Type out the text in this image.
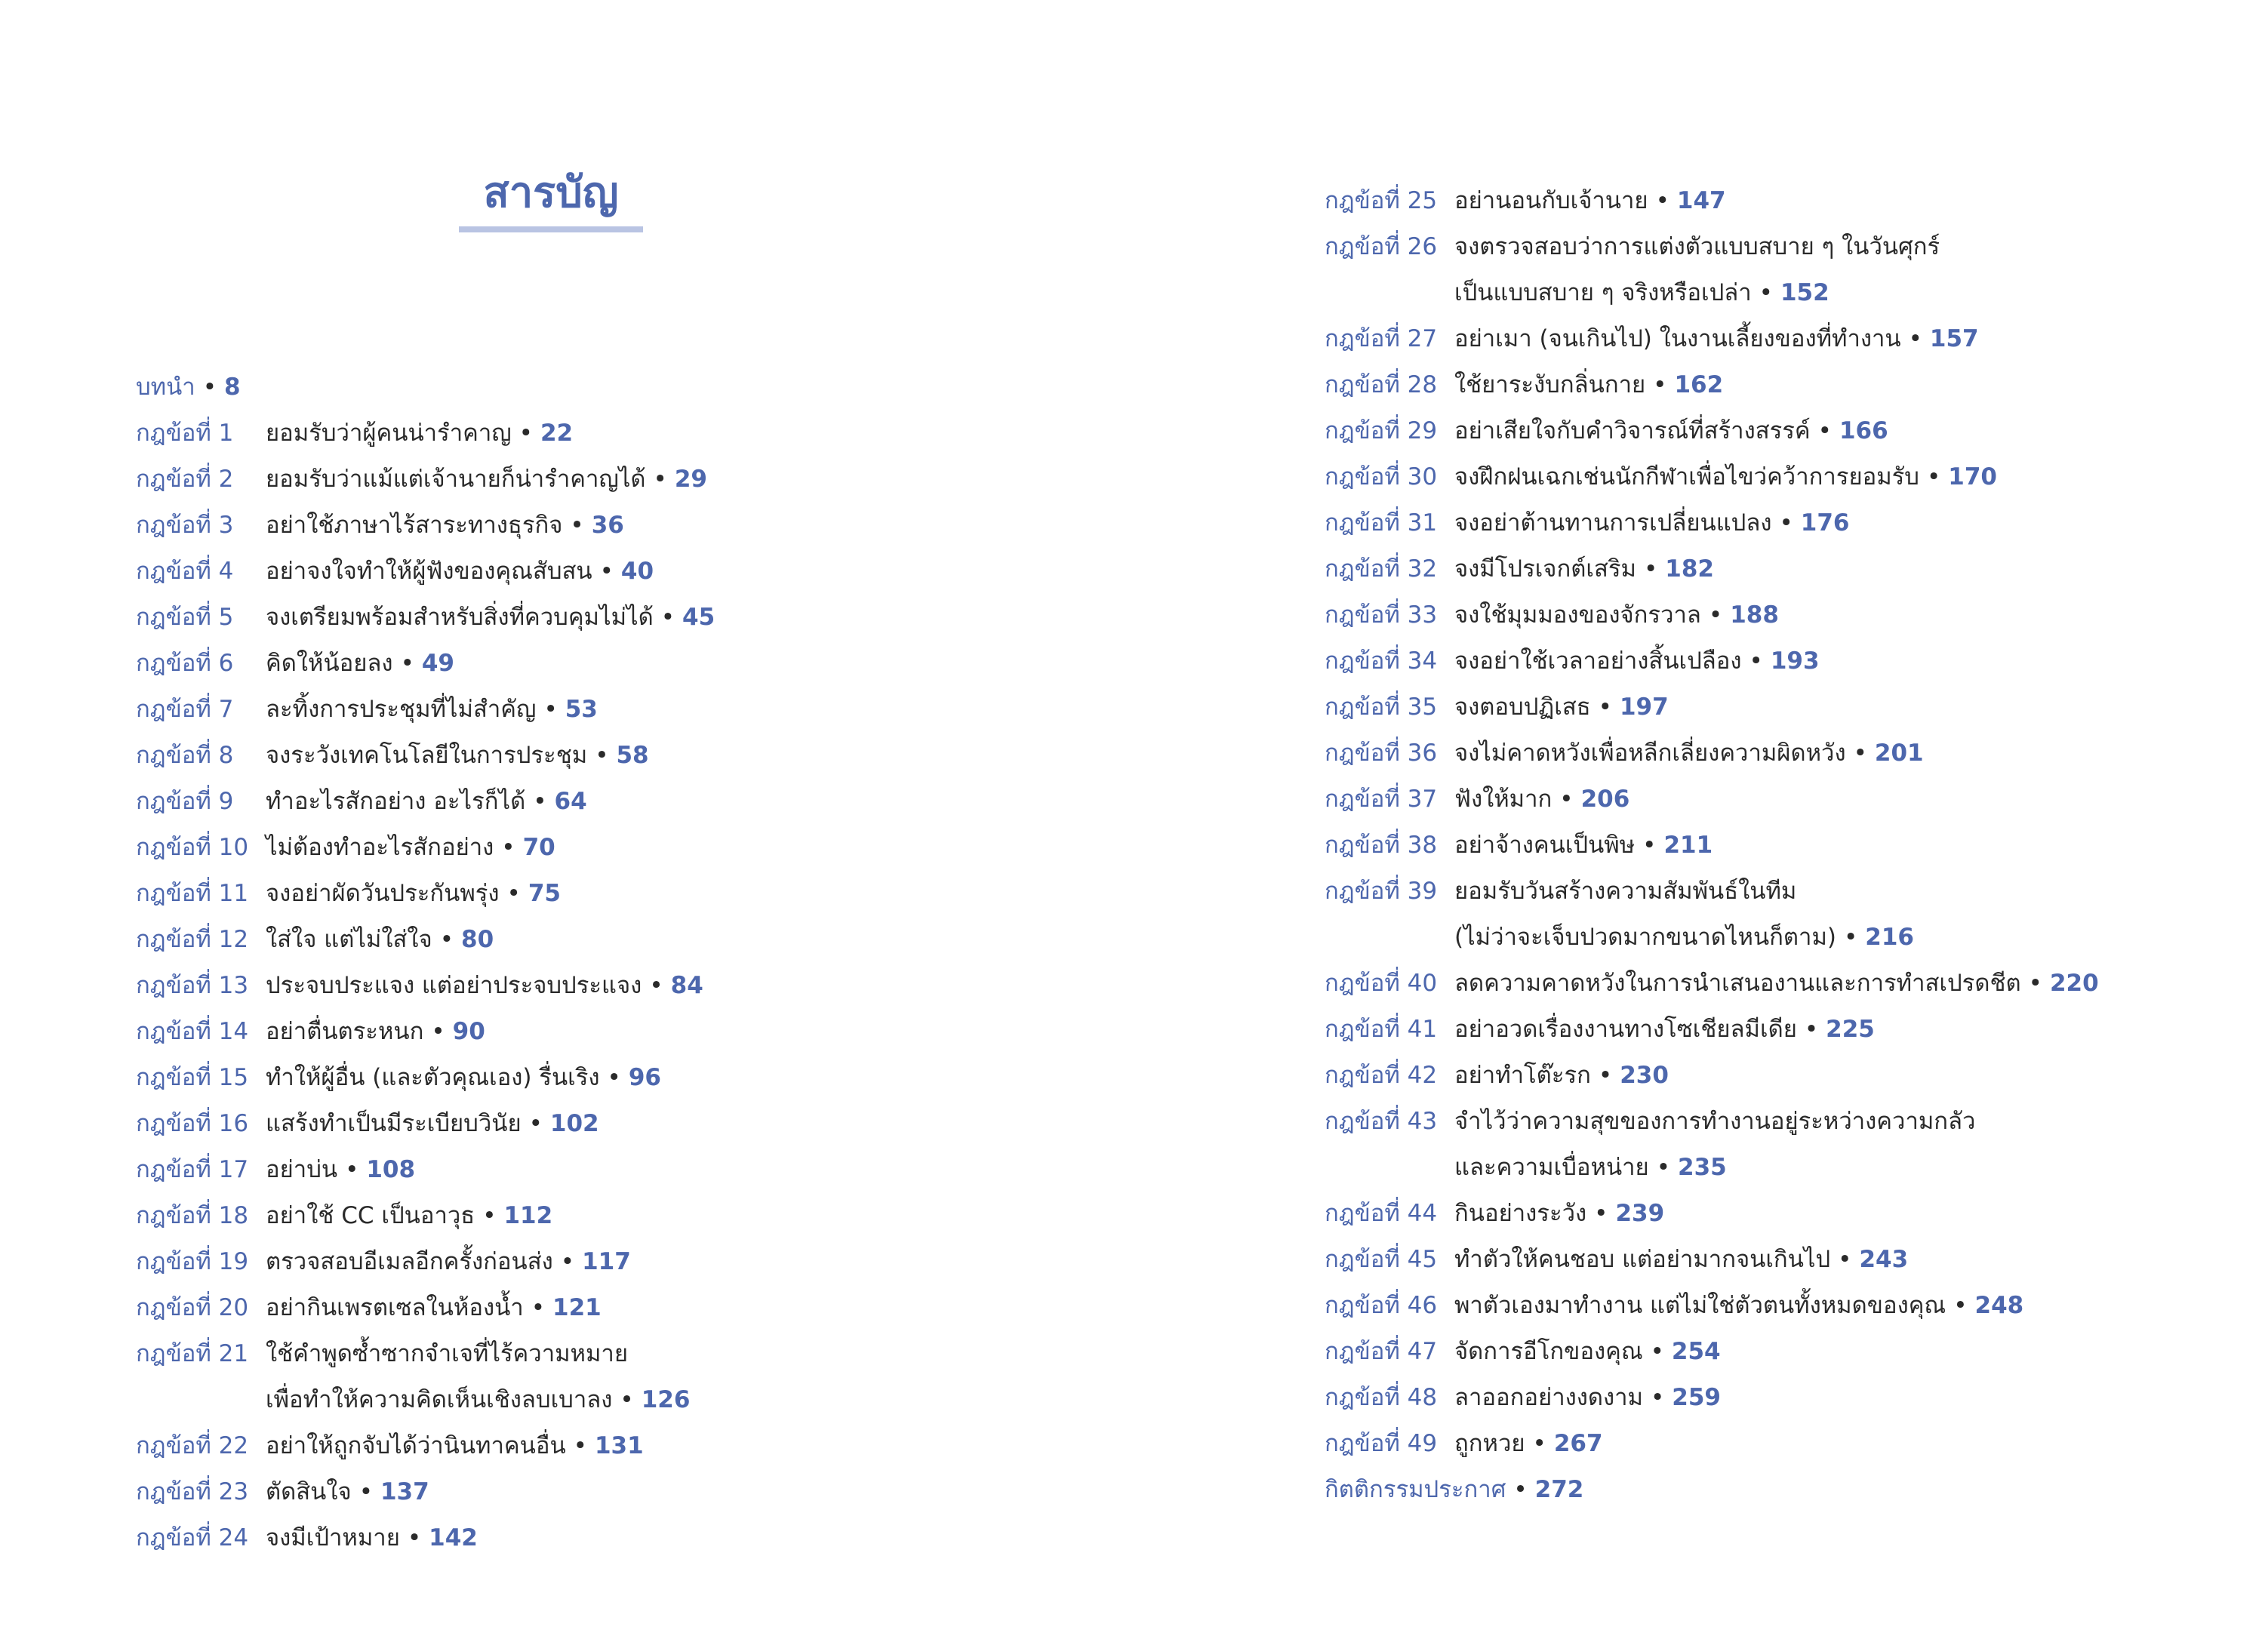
สารบัญ
บทนำ • 8
กฎข้อที่ 1	ยอมรับว่าผู้คนน่ารำคาญ • 22
กฎข้อที่ 2	ยอมรับว่าแม้แต่เจ้านายก็น่ารำคาญได้ • 29
กฎข้อที่ 3	อย่าใช้ภาษาไร้สาระทางธุรกิจ • 36
กฎข้อที่ 4	อย่าจงใจทำให้ผู้ฟังของคุณสับสน • 40
กฎข้อที่ 5	จงเตรียมพร้อมสำหรับสิ่งที่ควบคุมไม่ได้ • 45
กฎข้อที่ 6	คิดให้น้อยลง • 49
กฎข้อที่ 7	ละทิ้งการประชุมที่ไม่สำคัญ • 53
กฎข้อที่ 8	จงระวังเทคโนโลยีในการประชุม • 58
กฎข้อที่ 9	ทำอะไรสักอย่าง อะไรก็ได้ • 64
กฎข้อที่ 10 ไม่ต้องทำอะไรสักอย่าง • 70
กฎข้อที่ 11 จงอย่าผัดวันประกันพรุ่ง • 75
กฎข้อที่ 12 ใส่ใจ แต่ไม่ใส่ใจ • 80
กฎข้อที่ 13 ประจบประแจง แต่อย่าประจบประแจง • 84
กฎข้อที่ 14 อย่าตื่นตระหนก • 90
กฎข้อที่ 15 ทำให้ผู้อื่น (และตัวคุณเอง) รื่นเริง • 96
กฎข้อที่ 16 แสร้งทำเป็นมีระเบียบวินัย • 102
กฎข้อที่ 17 อย่าบ่น • 108
กฎข้อที่ 18 อย่าใช้ CC เป็นอาวุธ • 112
กฎข้อที่ 19 ตรวจสอบอีเมลอีกครั้งก่อนส่ง • 117
กฎข้อที่ 20 อย่ากินเพรตเซลในห้องน้ำ • 121
กฎข้อที่ 21 ใช้คำพูดซ้ำซากจำเจที่ไร้ความหมาย
เพื่อทำให้ความคิดเห็นเชิงลบเบาลง • 126
กฎข้อที่ 22 อย่าให้ถูกจับได้ว่านินทาคนอื่น • 131
กฎข้อที่ 23 ตัดสินใจ • 137
กฎข้อที่ 24 จงมีเป้าหมาย • 142
กฎข้อที่ 25 อย่านอนกับเจ้านาย • 147
กฎข้อที่ 26 จงตรวจสอบว่าการแต่งตัวแบบสบาย ๆ ในวันศุกร์
เป็นแบบสบาย ๆ จริงหรือเปล่า • 152
กฎข้อที่ 27 อย่าเมา (จนเกินไป) ในงานเลี้ยงของที่ทำงาน • 157
กฎข้อที่ 28 ใช้ยาระงับกลิ่นกาย • 162
กฎข้อที่ 29 อย่าเสียใจกับคำวิจารณ์ที่สร้างสรรค์ • 166
กฎข้อที่ 30 จงฝึกฝนเฉกเช่นนักกีฬาเพื่อไขว่คว้าการยอมรับ • 170
กฎข้อที่ 31 จงอย่าต้านทานการเปลี่ยนแปลง • 176
กฎข้อที่ 32 จงมีโปรเจกต์เสริม • 182
กฎข้อที่ 33 จงใช้มุมมองของจักรวาล • 188
กฎข้อที่ 34 จงอย่าใช้เวลาอย่างสิ้นเปลือง • 193
กฎข้อที่ 35 จงตอบปฏิเสธ • 197
กฎข้อที่ 36 จงไม่คาดหวังเพื่อหลีกเลี่ยงความผิดหวัง • 201
กฎข้อที่ 37 ฟังให้มาก • 206
กฎข้อที่ 38 อย่าจ้างคนเป็นพิษ • 211
กฎข้อที่ 39 ยอมรับวันสร้างความสัมพันธ์ในทีม
(ไม่ว่าจะเจ็บปวดมากขนาดไหนก็ตาม) • 216
กฎข้อที่ 40 ลดความคาดหวังในการนำเสนองานและการทำสเปรดชีต • 220
กฎข้อที่ 41 อย่าอวดเรื่องงานทางโซเชียลมีเดีย • 225
กฎข้อที่ 42 อย่าทำโต๊ะรก • 230
กฎข้อที่ 43 จำไว้ว่าความสุขของการทำงานอยู่ระหว่างความกลัว
และความเบื่อหน่าย • 235
กฎข้อที่ 44 กินอย่างระวัง • 239
กฎข้อที่ 45 ทำตัวให้คนชอบ แต่อย่ามากจนเกินไป • 243
กฎข้อที่ 46 พาตัวเองมาทำงาน แต่ไม่ใช่ตัวตนทั้งหมดของคุณ • 248
กฎข้อที่ 47 จัดการอีโกของคุณ • 254
กฎข้อที่ 48 ลาออกอย่างงดงาม • 259
กฎข้อที่ 49 ถูกหวย • 267
กิตติกรรมประกาศ • 272
